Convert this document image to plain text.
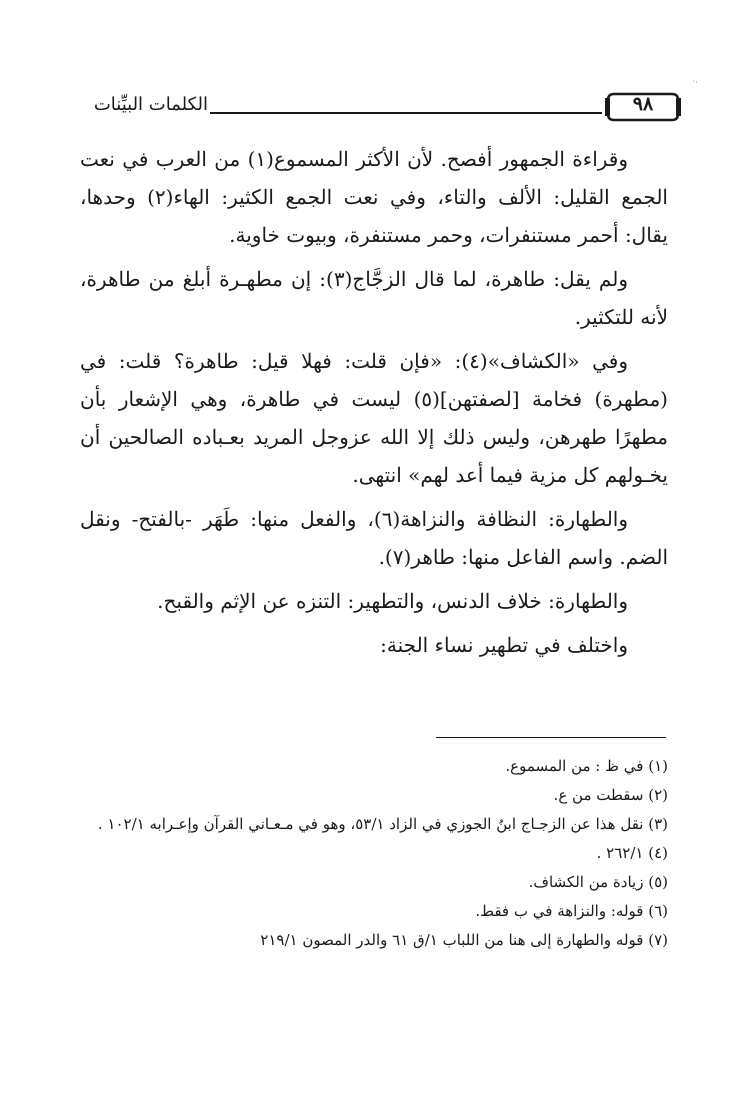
·ˑ
الكلمات البيِّنات	٩٨

وقراءة الجمهور أفصح. لأن الأكثر المسموع(١) من العرب في نعت الجمع القليل: الألف والتاء، وفي نعت الجمع الكثير: الهاء(٢) وحدها، يقال: أحمر مستنفرات، وحمر مستنفرة، وبيوت خاوية.

ولم يقل: طاهرة، لما قال الزجَّاج(٣): إن مطهـرة أبلغ من طاهرة، لأنه للتكثير.

وفي «الكشاف»(٤): «فإن قلت: فهلا قيل: طاهرة؟ قلت: في (مطهرة) فخامة [لصفتهن](٥) ليست في طاهرة، وهي الإشعار بأن مطهرًا طهرهن، وليس ذلك إلا الله عزوجل المريد بعـباده الصالحين أن يخـولهم كل مزية فيما أعد لهم» انتهى.

والطهارة: النظافة والنزاهة(٦)، والفعل منها: طَهَر -بالفتح- ونقل الضم. واسم الفاعل منها: طاهر(٧).

والطهارة: خلاف الدنس، والتطهير: التنزه عن الإثم والقبح.

واختلف في تطهير نساء الجنة:

(١) في ظ : من المسموع.

(٢) سقطت من ع.

(٣) نقل هذا عن الزجـاج ابنُ الجوزي في الزاد ٥٣/١، وهو في مـعـاني القرآن وإعـرابه ١٠٢/١ .

(٤) ٢٦٢/١ .

(٥) زيادة من الكشاف.

(٦) قوله: والنزاهة في ب فقط.

(٧) قوله والطهارة إلى هنا من اللباب ١/ق ٦١ والدر المصون ٢١٩/١
